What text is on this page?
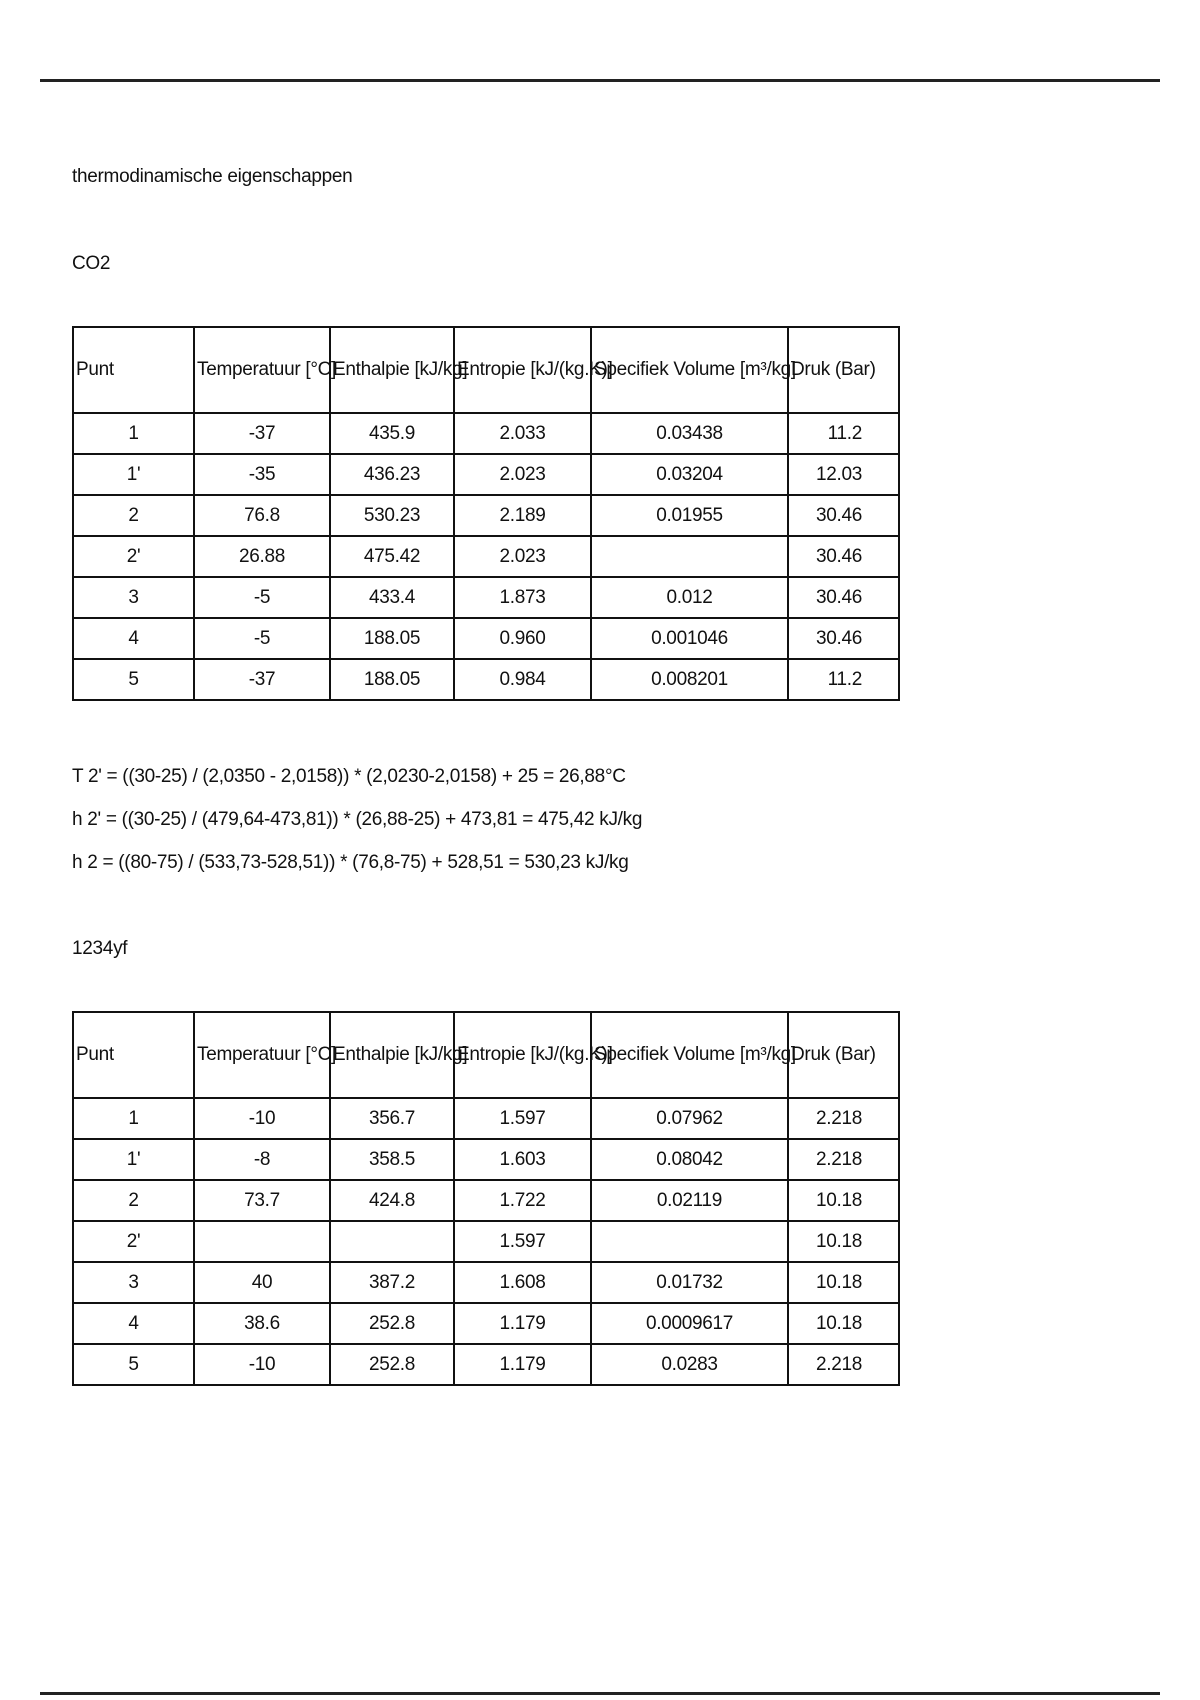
thermodinamische eigenschappen
CO2
Punt	Temperatuur [°C]	Enthalpie [kJ/kg]	Entropie [kJ/(kg.K)]	Specifiek Volume [m³/kg]	Druk (Bar)
1	-37	435.9	2.033	0.03438	11.2
1'	-35	436.23	2.023	0.03204	12.03
2	76.8	530.23	2.189	0.01955	30.46
2'	26.88	475.42	2.023		30.46
3	-5	433.4	1.873	0.012	30.46
4	-5	188.05	0.960	0.001046	30.46
5	-37	188.05	0.984	0.008201	11.2
T 2' = ((30-25) / (2,0350 - 2,0158)) * (2,0230-2,0158) + 25 = 26,88°C
h 2' = ((30-25) / (479,64-473,81)) * (26,88-25) + 473,81 = 475,42 kJ/kg
h 2 = ((80-75) / (533,73-528,51)) * (76,8-75) + 528,51 = 530,23 kJ/kg
1234yf
Punt	Temperatuur [°C]	Enthalpie [kJ/kg]	Entropie [kJ/(kg.K)]	Specifiek Volume [m³/kg]	Druk (Bar)
1	-10	356.7	1.597	0.07962	2.218
1'	-8	358.5	1.603	0.08042	2.218
2	73.7	424.8	1.722	0.02119	10.18
2'			1.597		10.18
3	40	387.2	1.608	0.01732	10.18
4	38.6	252.8	1.179	0.0009617	10.18
5	-10	252.8	1.179	0.0283	2.218
